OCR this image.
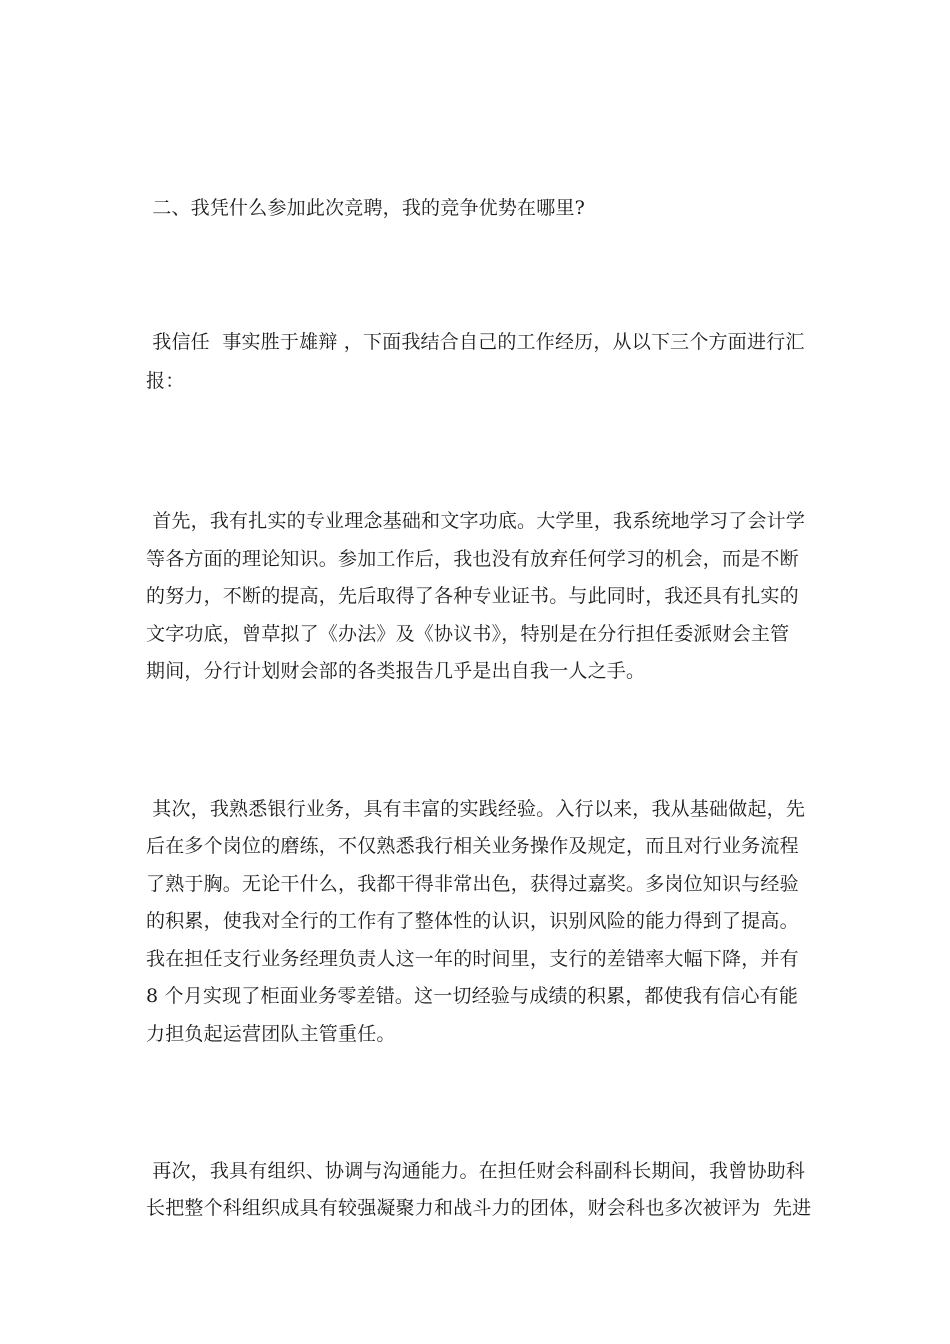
二、我凭什么参加此次竞聘，我的竞争优势在哪里?
我信任  事实胜于雄辩 ，下面我结合自己的工作经历，从以下三个方面进行汇
报：
首先，我有扎实的专业理念基础和文字功底。大学里，我系统地学习了会计学
等各方面的理论知识。参加工作后，我也没有放弃任何学习的机会，而是不断
的努力，不断的提高，先后取得了各种专业证书。与此同时，我还具有扎实的
文字功底，曾草拟了《办法》及《协议书》，特别是在分行担任委派财会主管
期间，分行计划财会部的各类报告几乎是出自我一人之手。
其次，我熟悉银行业务，具有丰富的实践经验。入行以来，我从基础做起，先
后在多个岗位的磨练，不仅熟悉我行相关业务操作及规定，而且对行业务流程
了熟于胸。无论干什么，我都干得非常出色，获得过嘉奖。多岗位知识与经验
的积累，使我对全行的工作有了整体性的认识，识别风险的能力得到了提高。
我在担任支行业务经理负责人这一年的时间里，支行的差错率大幅下降，并有
8 个月实现了柜面业务零差错。这一切经验与成绩的积累，都使我有信心有能
力担负起运营团队主管重任。
再次，我具有组织、协调与沟通能力。在担任财会科副科长期间，我曾协助科
长把整个科组织成具有较强凝聚力和战斗力的团体，财会科也多次被评为  先进
